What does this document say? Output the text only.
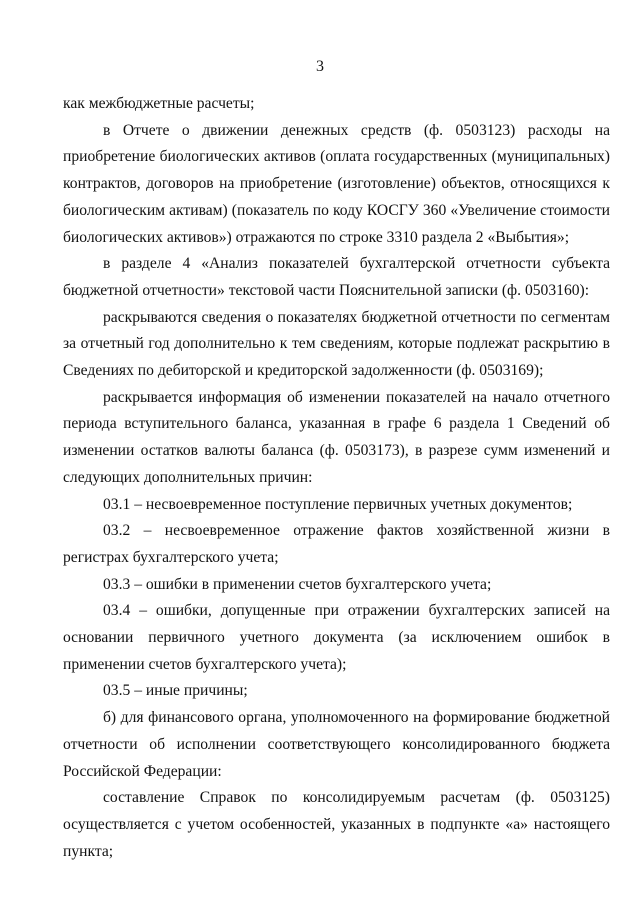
3

как межбюджетные расчеты;

в Отчете о движении денежных средств (ф. 0503123) расходы на приобретение биологических активов (оплата государственных (муниципальных) контрактов, договоров на приобретение (изготовление) объектов, относящихся к биологическим активам) (показатель по коду КОСГУ 360 «Увеличение стоимости биологических активов») отражаются по строке 3310 раздела 2 «Выбытия»;

в разделе 4 «Анализ показателей бухгалтерской отчетности субъекта бюджетной отчетности» текстовой части Пояснительной записки (ф. 0503160):

раскрываются сведения о показателях бюджетной отчетности по сегментам за отчетный год дополнительно к тем сведениям, которые подлежат раскрытию в Сведениях по дебиторской и кредиторской задолженности (ф. 0503169);

раскрывается информация об изменении показателей на начало отчетного периода вступительного баланса, указанная в графе 6 раздела 1 Сведений об изменении остатков валюты баланса (ф. 0503173), в разрезе сумм изменений и следующих дополнительных причин:

03.1 – несвоевременное поступление первичных учетных документов;

03.2 – несвоевременное отражение фактов хозяйственной жизни в регистрах бухгалтерского учета;

03.3 – ошибки в применении счетов бухгалтерского учета;

03.4 – ошибки, допущенные при отражении бухгалтерских записей на основании первичного учетного документа (за исключением ошибок в применении счетов бухгалтерского учета);

03.5 – иные причины;

б) для финансового органа, уполномоченного на формирование бюджетной отчетности об исполнении соответствующего консолидированного бюджета Российской Федерации:

составление Справок по консолидируемым расчетам (ф. 0503125) осуществляется с учетом особенностей, указанных в подпункте «а» настоящего пункта;
